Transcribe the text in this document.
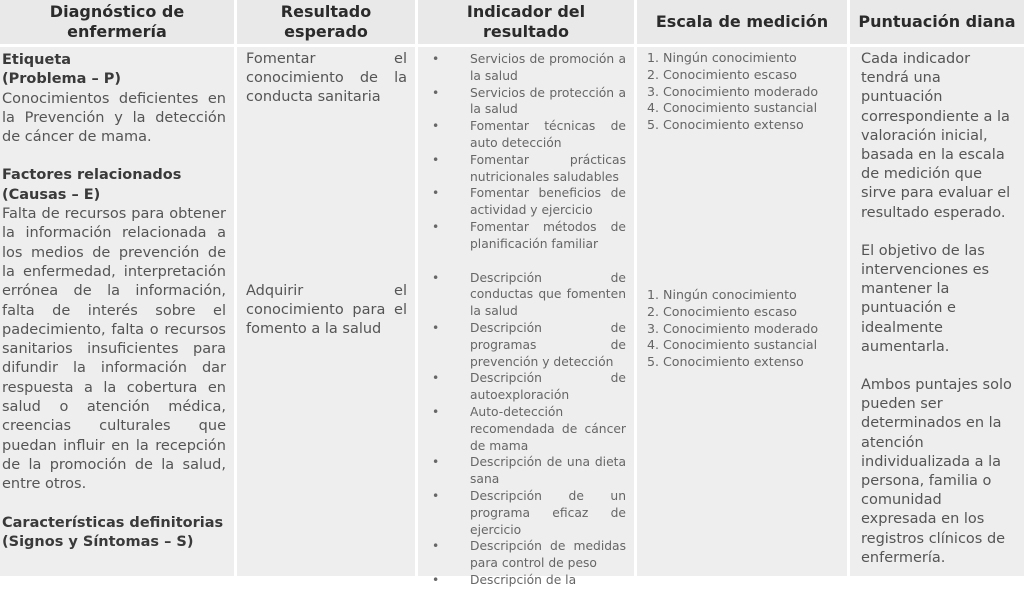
Diagnóstico de enfermería
Resultado esperado
Indicador del resultado
Escala de medición Puntuación diana

Etiqueta

(Problema – P)

Conocimientos deficientes en la Prevención y la detección de cáncer de mama.

Factores relacionados

(Causas – E)

Falta de recursos para obtener la información relacionada a los medios de prevención de la enfermedad, interpretación errónea de la información, falta de interés sobre el padecimiento, falta o recursos sanitarios insuficientes para difundir la información dar respuesta a la cobertura en salud o atención médica, creencias culturales que puedan influir en la recepción de la promoción de la salud, entre otros.

Características definitorias

(Signos y Síntomas – S)

Fomentar el conocimiento de la conducta sanitaria

Adquirir el conocimiento para el fomento a la salud

• Servicios de promoción a la salud
• Servicios de protección a la salud
• Fomentar técnicas de auto detección
• Fomentar prácticas nutricionales saludables
• Fomentar beneficios de actividad y ejercicio
• Fomentar métodos de planificación familiar
• Descripción de conductas que fomenten la salud
• Descripción de programas de prevención y detección
• Descripción de autoexploración
• Auto-detección recomendada de cáncer de mama
• Descripción de una dieta sana
• Descripción de un programa eficaz de ejercicio
• Descripción de medidas para control de peso
• Descripción de la

1. Ningún conocimiento

2. Conocimiento escaso

3. Conocimiento moderado

4. Conocimiento sustancial

5. Conocimiento extenso

1. Ningún conocimiento

2. Conocimiento escaso

3. Conocimiento moderado

4. Conocimiento sustancial

5. Conocimiento extenso

Cada indicador tendrá una puntuación correspondiente a la valoración inicial, basada en la escala de medición que sirve para evaluar el resultado esperado.

El objetivo de las intervenciones es mantener la puntuación e idealmente aumentarla.

Ambos puntajes solo pueden ser determinados en la atención individualizada a la persona, familia o comunidad expresada en los registros clínicos de enfermería.
